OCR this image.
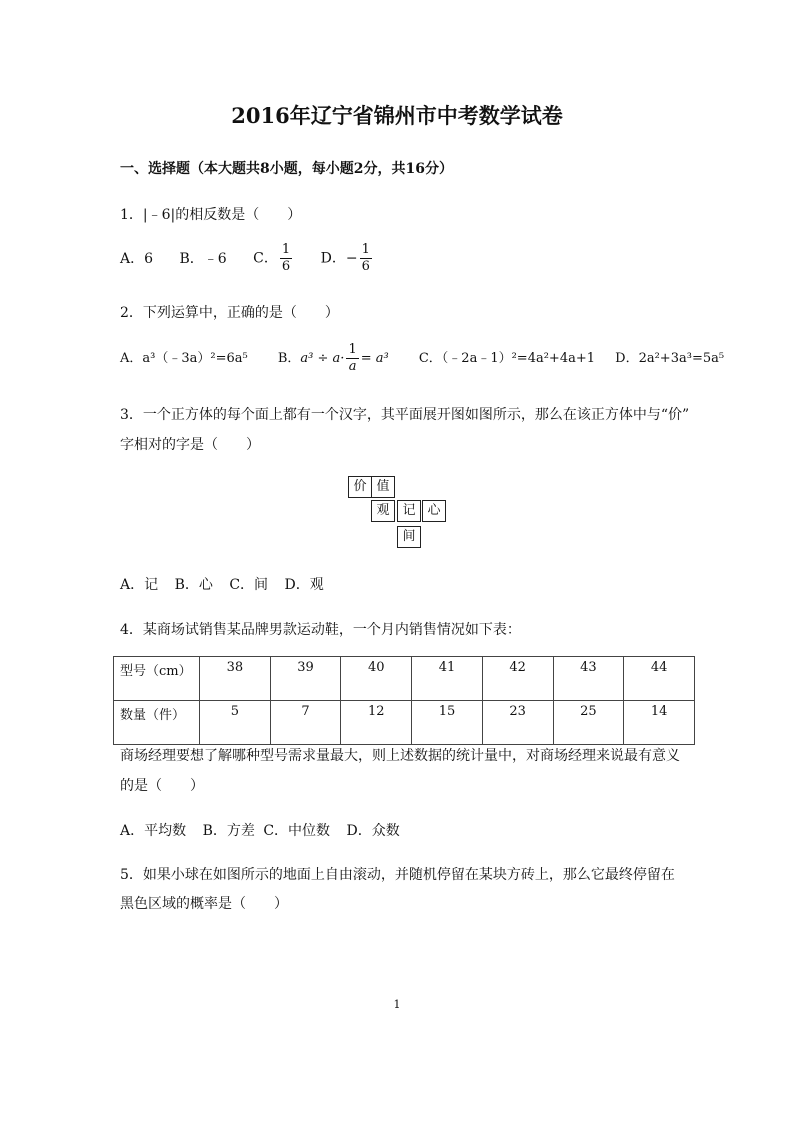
2016年辽宁省锦州市中考数学试卷
一、选择题（本大题共8小题，每小题2分，共16分）
1．|﹣6|的相反数是（　　）
A．6 B．﹣6 C． $\frac{1}{6}$ D．− $\frac{1}{6}$
2．下列运算中，正确的是（　　）
A．a³（﹣3a）²=6a⁵ B．$a^3 \div a\cdot \frac{1}{a} = a^3$ C．（﹣2a﹣1）²=4a²+4a+1 D．2a²+3a³=5a⁵
3．一个正方体的每个面上都有一个汉字，其平面展开图如图所示，那么在该正方体中与“价”
字相对的字是（　　）
价 值
观 记 心
间
A．记 B．心 C．间 D．观
4．某商场试销售某品牌男款运动鞋，一个月内销售情况如下表：
型号（cm）	38	39	40	41	42	43	44
数量（件）	5	7	12	15	23	25	14
商场经理要想了解哪种型号需求量最大，则上述数据的统计量中，对商场经理来说最有意义
的是（　　）
A．平均数 B．方差 C．中位数 D．众数
5．如果小球在如图所示的地面上自由滚动，并随机停留在某块方砖上，那么它最终停留在
黑色区域的概率是（　　）
1
